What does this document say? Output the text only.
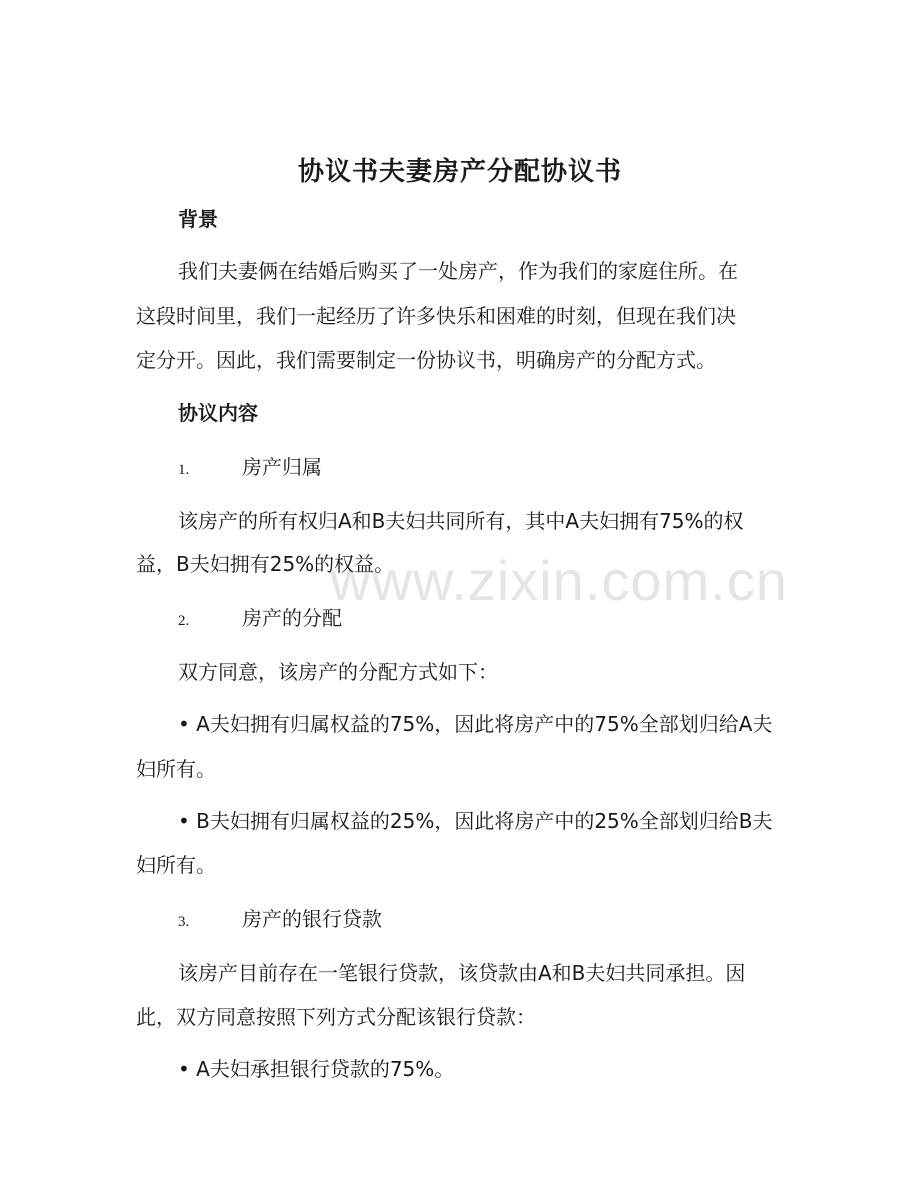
协议书夫妻房产分配协议书
背景
我们夫妻俩在结婚后购买了一处房产，作为我们的家庭住所。在
这段时间里，我们一起经历了许多快乐和困难的时刻，但现在我们决
定分开。因此，我们需要制定一份协议书，明确房产的分配方式。
协议内容
1.	房产归属
该房产的所有权归A和B夫妇共同所有，其中A夫妇拥有75%的权
益，B夫妇拥有25%的权益。
2.	房产的分配
双方同意，该房产的分配方式如下：
• A夫妇拥有归属权益的75%，因此将房产中的75%全部划归给A夫
妇所有。
• B夫妇拥有归属权益的25%，因此将房产中的25%全部划归给B夫
妇所有。
3.	房产的银行贷款
该房产目前存在一笔银行贷款，该贷款由A和B夫妇共同承担。因
此，双方同意按照下列方式分配该银行贷款：
• A夫妇承担银行贷款的75%。
www.zixin.com.cn
